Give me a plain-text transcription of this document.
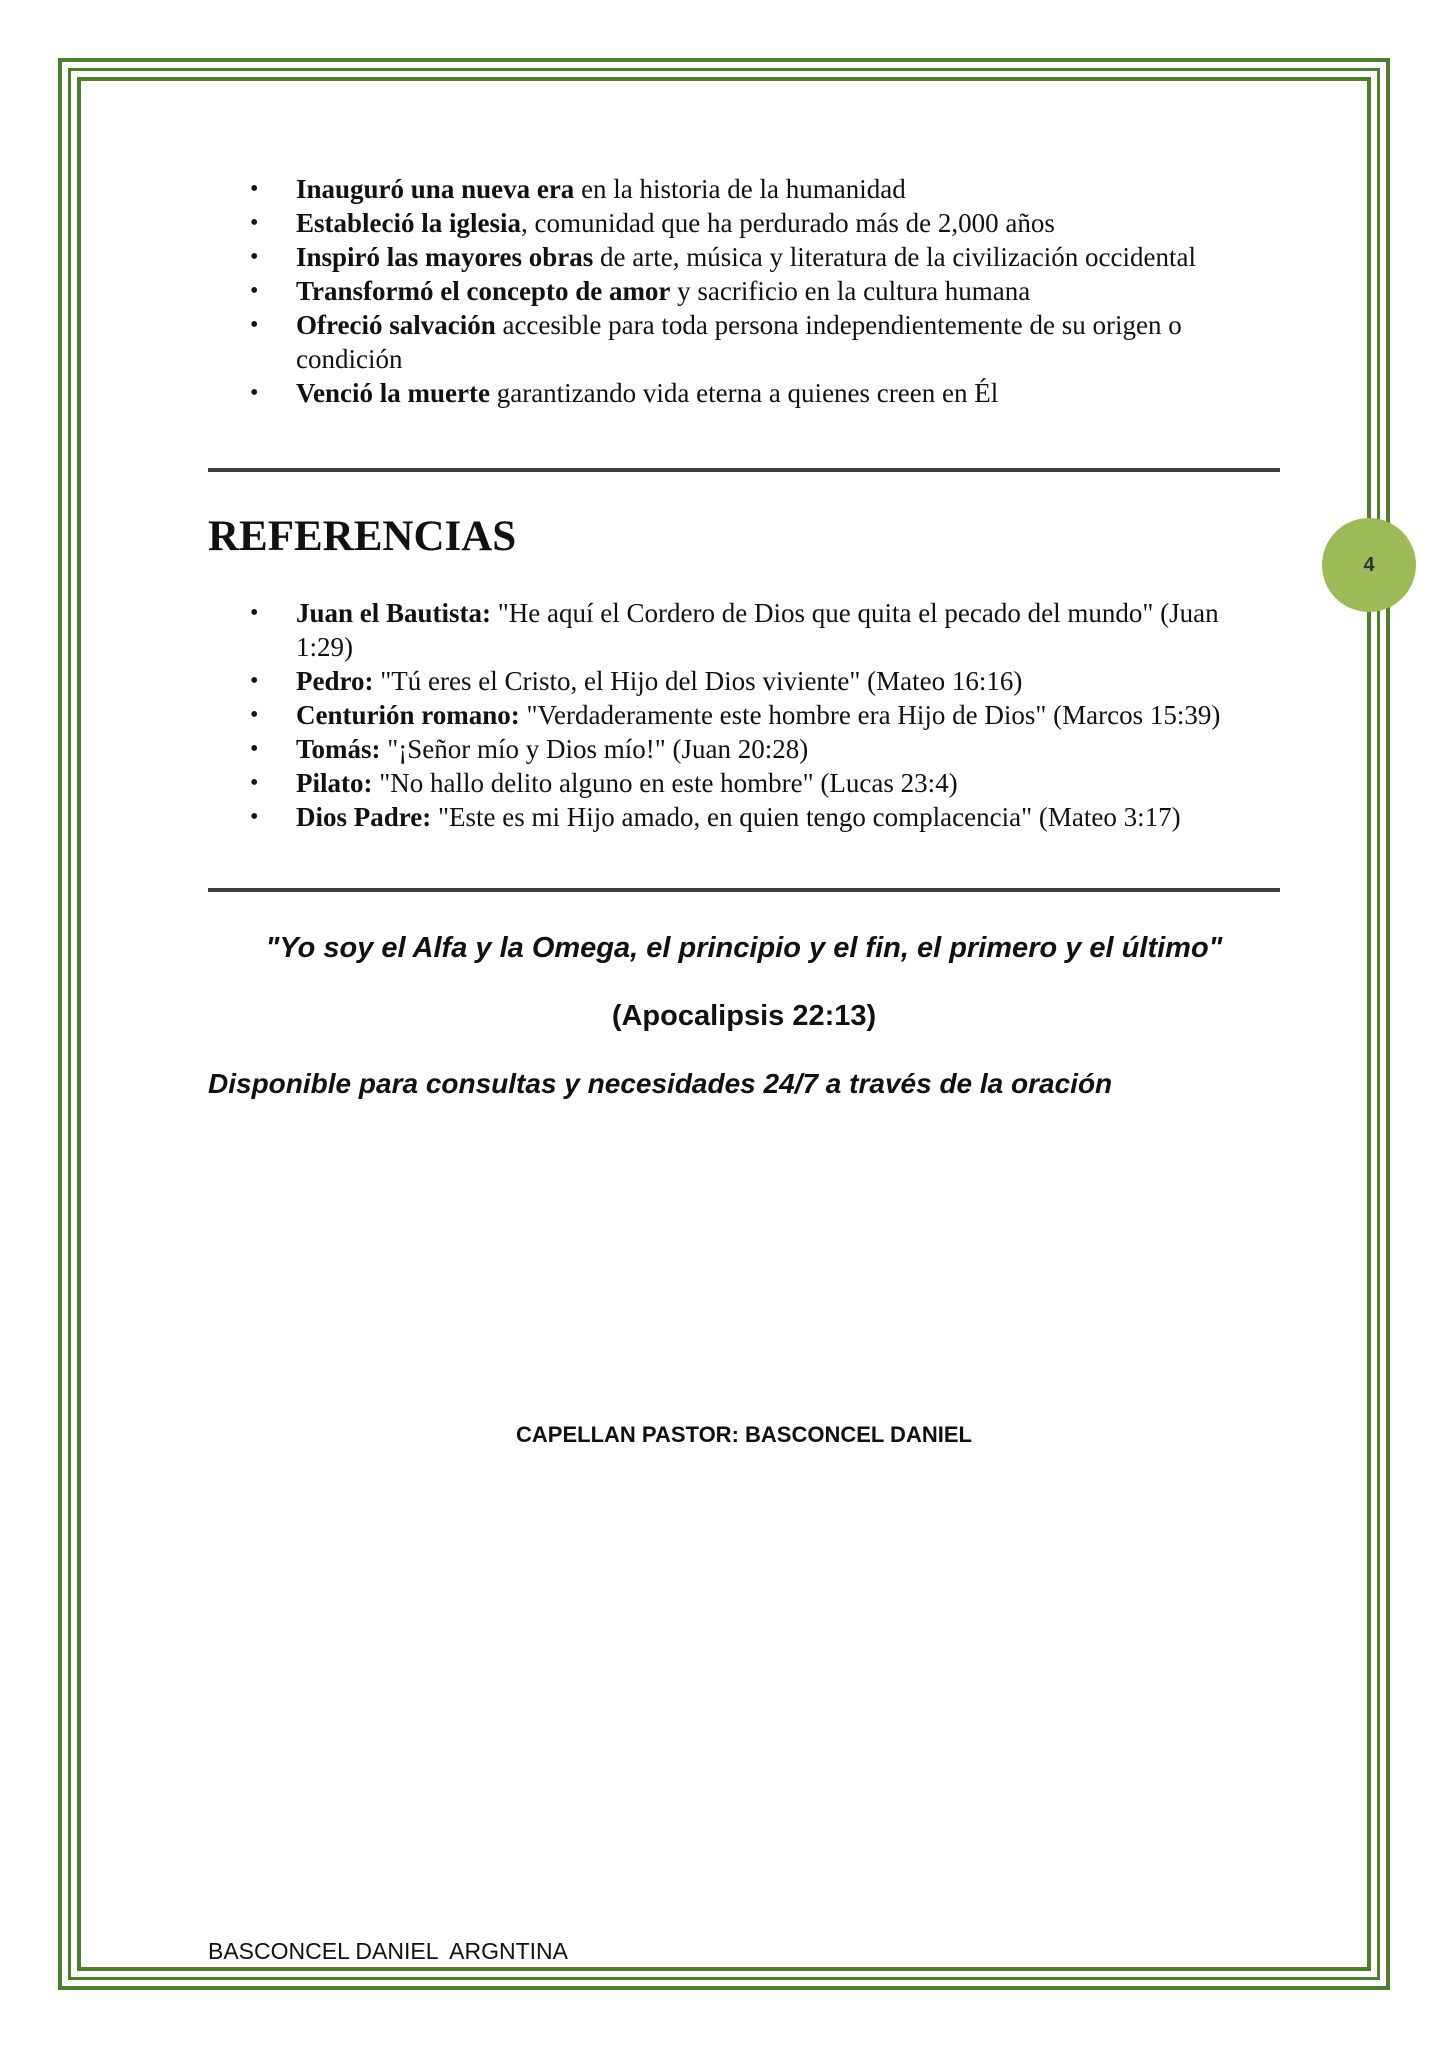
4
• Inauguró una nueva era en la historia de la humanidad
• Estableció la iglesia, comunidad que ha perdurado más de 2,000 años
• Inspiró las mayores obras de arte, música y literatura de la civilización occidental
• Transformó el concepto de amor y sacrificio en la cultura humana
• Ofreció salvación accesible para toda persona independientemente de su origen o condición
• Venció la muerte garantizando vida eterna a quienes creen en Él
REFERENCIAS
• Juan el Bautista: "He aquí el Cordero de Dios que quita el pecado del mundo" (Juan 1:29)
• Pedro: "Tú eres el Cristo, el Hijo del Dios viviente" (Mateo 16:16)
• Centurión romano: "Verdaderamente este hombre era Hijo de Dios" (Marcos 15:39)
• Tomás: "¡Señor mío y Dios mío!" (Juan 20:28)
• Pilato: "No hallo delito alguno en este hombre" (Lucas 23:4)
• Dios Padre: "Este es mi Hijo amado, en quien tengo complacencia" (Mateo 3:17)
"Yo soy el Alfa y la Omega, el principio y el fin, el primero y el último"
(Apocalipsis 22:13)
Disponible para consultas y necesidades 24/7 a través de la oración
CAPELLAN PASTOR: BASCONCEL DANIEL
BASCONCEL DANIEL  ARGNTINA
